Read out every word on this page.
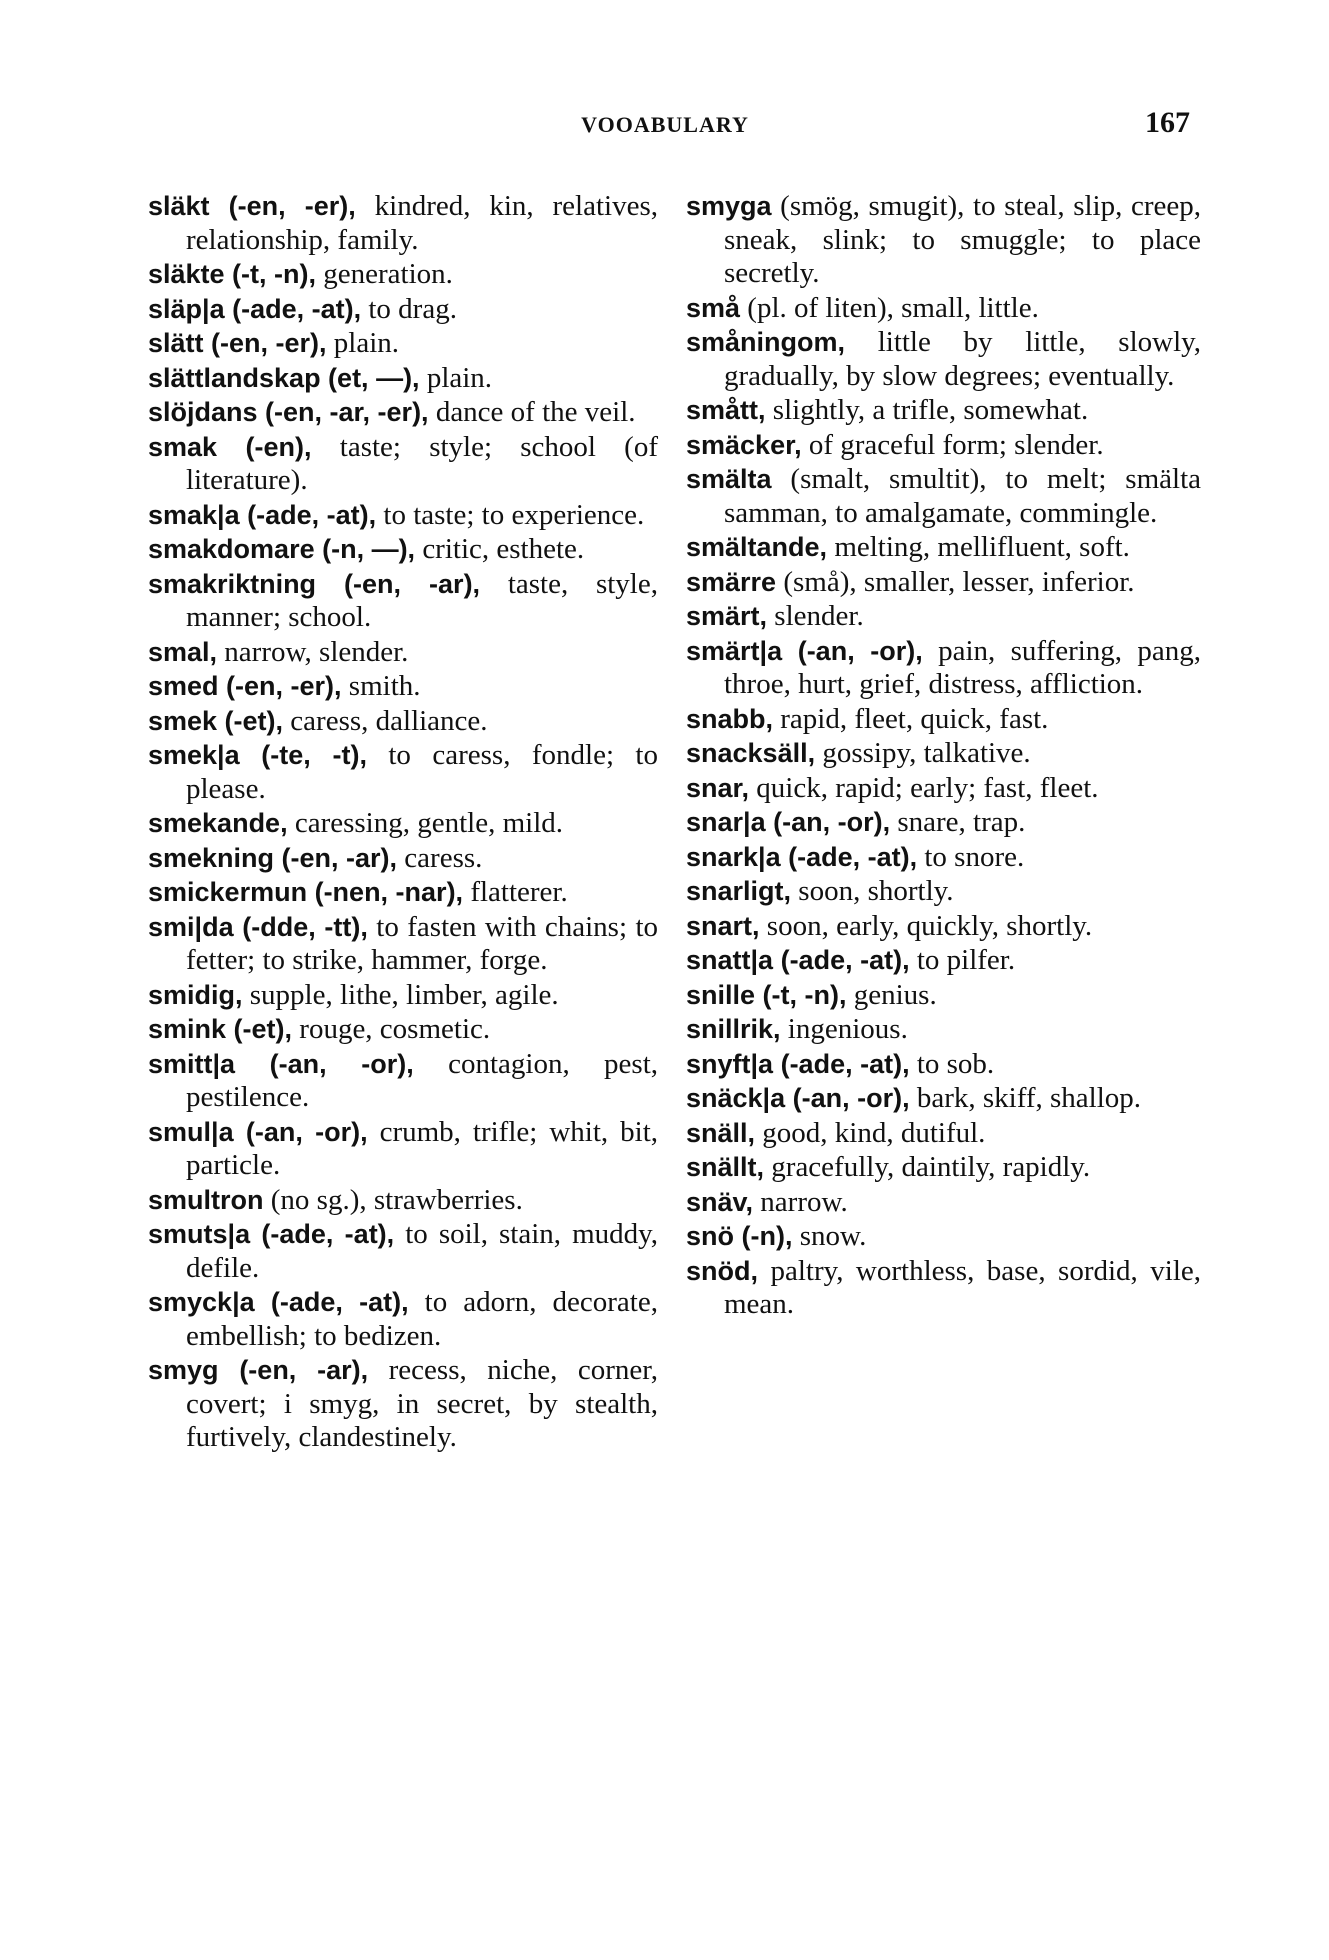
VOOABULARY	167

släkt (-en, -er), kindred, kin, relatives, relationship, family.

släkte (-t, -n), generation.

släp|a (-ade, -at), to drag.

slätt (-en, -er), plain.

slättlandskap (et, —), plain.

slöjdans (-en, -ar, -er), dance of the veil.

smak (-en), taste; style; school (of literature).

smak|a (-ade, -at), to taste; to experience.

smakdomare (-n, —), critic, esthete.

smakriktning (-en, -ar), taste, style, manner; school.

smal, narrow, slender.

smed (-en, -er), smith.

smek (-et), caress, dalliance.

smek|a (-te, -t), to caress, fondle; to please.

smekande, caressing, gentle, mild.

smekning (-en, -ar), caress.

smickermun (-nen, -nar), flatterer.

smi|da (-dde, -tt), to fasten with chains; to fetter; to strike, hammer, forge.

smidig, supple, lithe, limber, agile.

smink (-et), rouge, cosmetic.

smitt|a (-an, -or), contagion, pest, pestilence.

smul|a (-an, -or), crumb, trifle; whit, bit, particle.

smultron (no sg.), strawberries.

smuts|a (-ade, -at), to soil, stain, muddy, defile.

smyck|a (-ade, -at), to adorn, decorate, embellish; to bedizen.

smyg (-en, -ar), recess, niche, corner, covert; i smyg, in secret, by stealth, furtively, clandestinely.

smyga (smög, smugit), to steal, slip, creep, sneak, slink; to smuggle; to place secretly.

små (pl. of liten), small, little.

småningom, little by little, slowly, gradually, by slow degrees; eventually.

smått, slightly, a trifle, somewhat.

smäcker, of graceful form; slender.

smälta (smalt, smultit), to melt; smälta samman, to amalgamate, commingle.

smältande, melting, mellifluent, soft.

smärre (små), smaller, lesser, inferior.

smärt, slender.

smärt|a (-an, -or), pain, suffering, pang, throe, hurt, grief, distress, affliction.

snabb, rapid, fleet, quick, fast.

snacksäll, gossipy, talkative.

snar, quick, rapid; early; fast, fleet.

snar|a (-an, -or), snare, trap.

snark|a (-ade, -at), to snore.

snarligt, soon, shortly.

snart, soon, early, quickly, shortly.

snatt|a (-ade, -at), to pilfer.

snille (-t, -n), genius.

snillrik, ingenious.

snyft|a (-ade, -at), to sob.

snäck|a (-an, -or), bark, skiff, shallop.

snäll, good, kind, dutiful.

snällt, gracefully, daintily, rapidly.

snäv, narrow.

snö (-n), snow.

snöd, paltry, worthless, base, sordid, vile, mean.
